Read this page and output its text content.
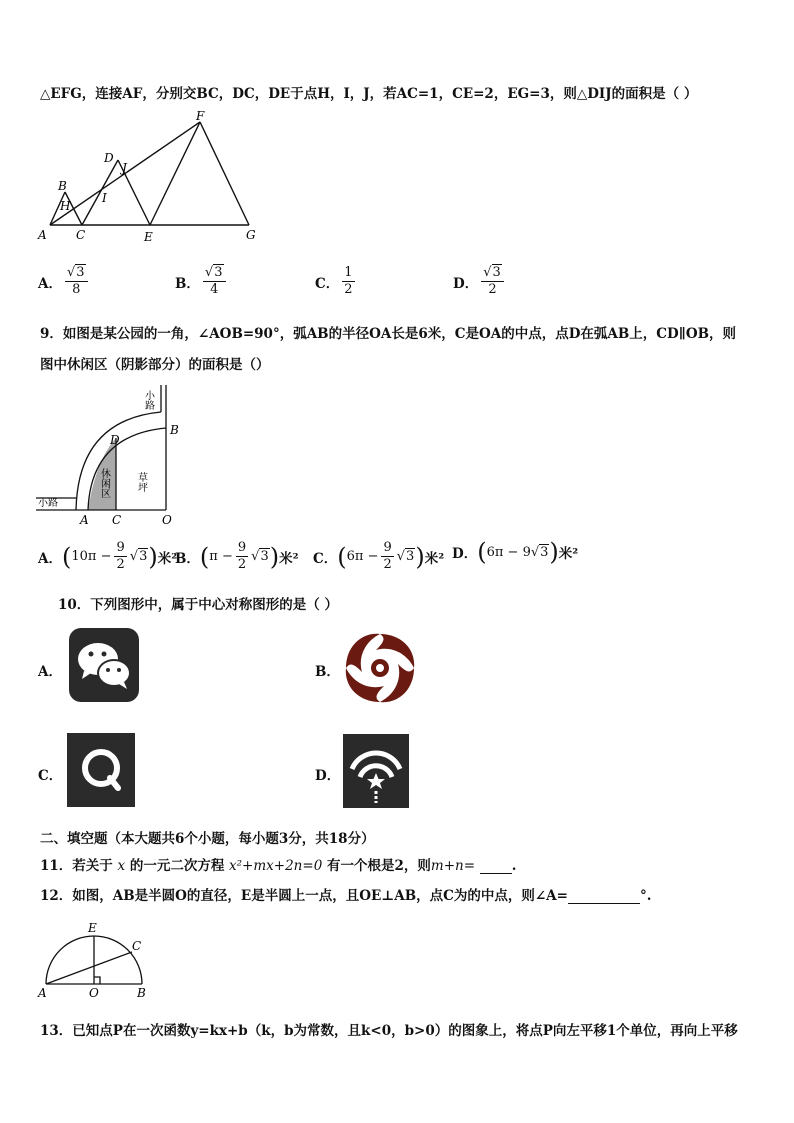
△EFG，连接AF，分别交BC，DC，DE于点H，I，J，若AC=1，CE=2，EG=3，则△DIJ的面积是（ ）
A
B
C
D
E
F
G
H
I
J
A． $\frac{√3}{8}$	B． $\frac{√3}{4}$	C． $\frac{1}{2}$	D． $\frac{√3}{2}$
9．如图是某公园的一角，∠AOB=90°，弧AB的半径OA长是6米，C是OA的中点，点D在弧AB上，CD∥OB，则
图中休闲区（阴影部分）的面积是（）
小路
小路
休闲区	草坪
A C
D
O
B
A． ( $10\pi - \frac{9}{2} √3$ ) 米²
B． ( $\pi - \frac{9}{2} √3$ ) 米² C． ( $6\pi - \frac{9}{2} √3$ ) 米² D． ( 6π − 9 √3 ) 米²
10．下列图形中，属于中心对称图形的是（ ）
A．	B．
C．	D．
二、填空题（本大题共6个小题，每小题3分，共18分）
11．若关于 x 的一元二次方程 x²+mx+2n=0 有一个根是2，则m+n=	.
12．如图，AB是半圆O的直径，E是半圆上一点，且OE⊥AB，点C为的中点，则∠A=	°.
E
C
A	O	B
13．已知点P在一次函数y=kx+b（k，b为常数，且k<0，b>0）的图象上，将点P向左平移1个单位，再向上平移
